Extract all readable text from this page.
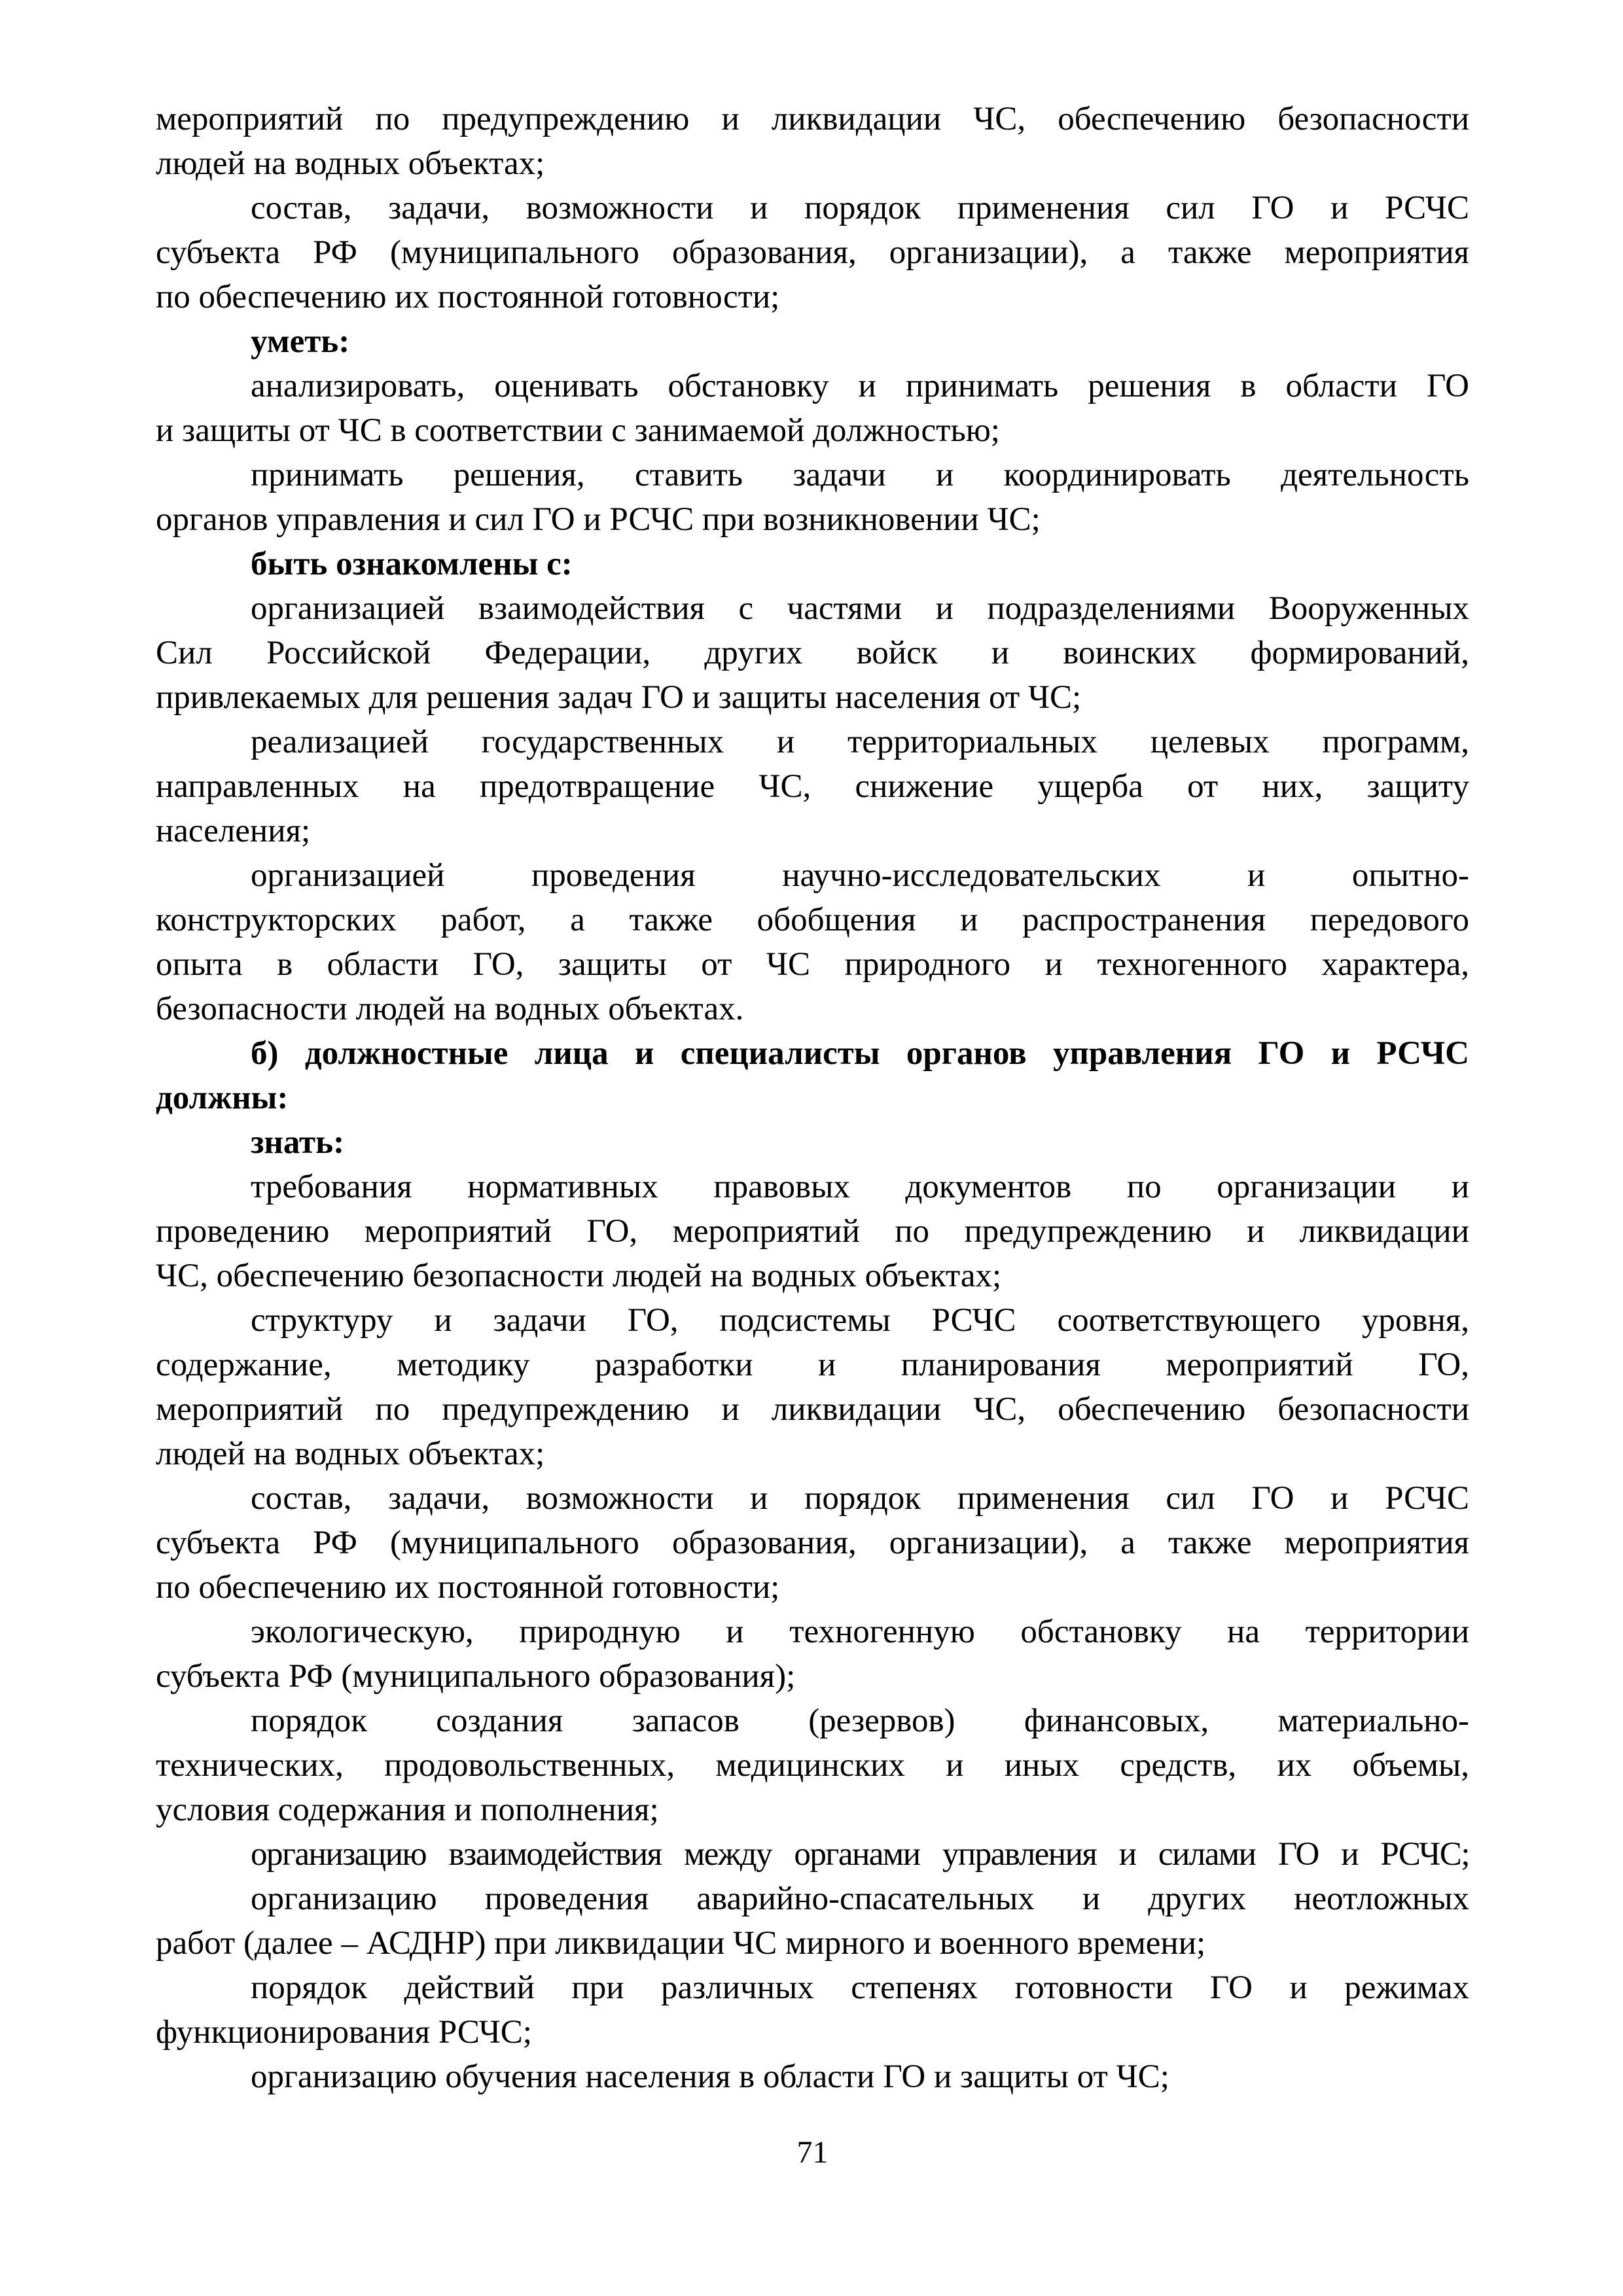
мероприятий по предупреждению и ликвидации ЧС, обеспечению безопасности
людей на водных объектах;
состав, задачи, возможности и порядок применения сил ГО и РСЧС
субъекта РФ (муниципального образования, организации), а также мероприятия
по обеспечению их постоянной готовности;
уметь:
анализировать, оценивать обстановку и принимать решения в области ГО
и защиты от ЧС в соответствии с занимаемой должностью;
принимать решения, ставить задачи и координировать деятельность
органов управления и сил ГО и РСЧС при возникновении ЧС;
быть ознакомлены с:
организацией взаимодействия с частями и подразделениями Вооруженных
Сил Российской Федерации, других войск и воинских формирований,
привлекаемых для решения задач ГО и защиты населения от ЧС;
реализацией государственных и территориальных целевых программ,
направленных на предотвращение ЧС, снижение ущерба от них, защиту
населения;
организацией проведения научно-исследовательских и опытно-
конструкторских работ, а также обобщения и распространения передового
опыта в области ГО, защиты от ЧС природного и техногенного характера,
безопасности людей на водных объектах.
б) должностные лица и специалисты органов управления ГО и РСЧС
должны:
знать:
требования нормативных правовых документов по организации и
проведению мероприятий ГО, мероприятий по предупреждению и ликвидации
ЧС, обеспечению безопасности людей на водных объектах;
структуру и задачи ГО, подсистемы РСЧС соответствующего уровня,
содержание, методику разработки и планирования мероприятий ГО,
мероприятий по предупреждению и ликвидации ЧС, обеспечению безопасности
людей на водных объектах;
состав, задачи, возможности и порядок применения сил ГО и РСЧС
субъекта РФ (муниципального образования, организации), а также мероприятия
по обеспечению их постоянной готовности;
экологическую, природную и техногенную обстановку на территории
субъекта РФ (муниципального образования);
порядок создания запасов (резервов) финансовых, материально-
технических, продовольственных, медицинских и иных средств, их объемы,
условия содержания и пополнения;
организацию взаимодействия между органами управления и силами ГО и РСЧС;
организацию проведения аварийно-спасательных и других неотложных
работ (далее – АСДНР) при ликвидации ЧС мирного и военного времени;
порядок действий при различных степенях готовности ГО и режимах
функционирования РСЧС;
организацию обучения населения в области ГО и защиты от ЧС;
71
